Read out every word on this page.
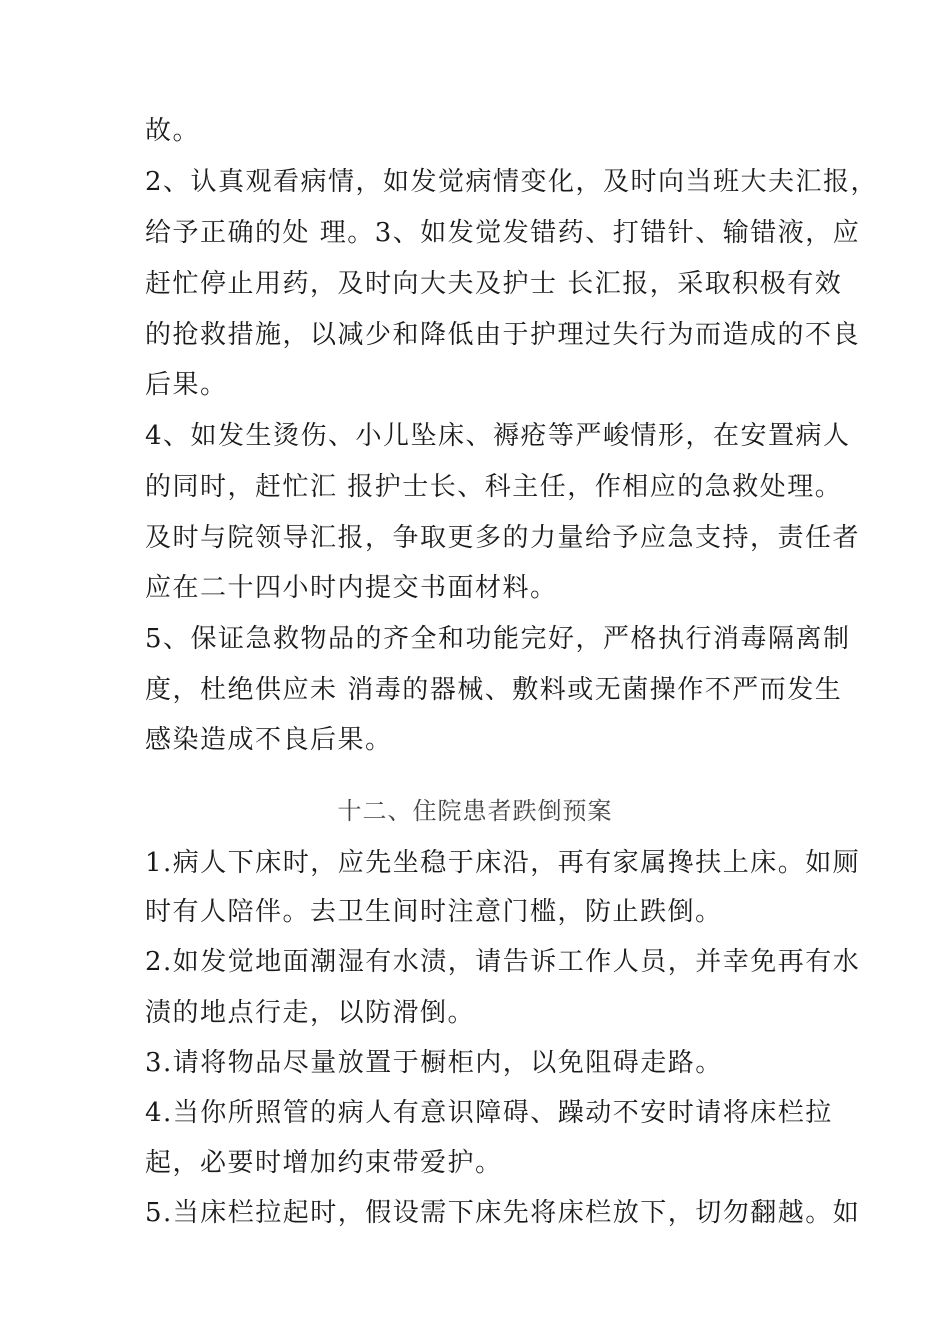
故。
2、认真观看病情，如发觉病情变化，及时向当班大夫汇报，
给予正确的处 理。3、如发觉发错药、打错针、输错液，应
赶忙停止用药，及时向大夫及护士 长汇报，采取积极有效
的抢救措施，以减少和降低由于护理过失行为而造成的不良
后果。
4、如发生烫伤、小儿坠床、褥疮等严峻情形，在安置病人
的同时，赶忙汇 报护士长、科主任，作相应的急救处理。
及时与院领导汇报，争取更多的力量给予应急支持，责任者
应在二十四小时内提交书面材料。
5、保证急救物品的齐全和功能完好，严格执行消毒隔离制
度，杜绝供应未 消毒的器械、敷料或无菌操作不严而发生
感染造成不良后果。
十二、住院患者跌倒预案
1.病人下床时，应先坐稳于床沿，再有家属搀扶上床。如厕
时有人陪伴。去卫生间时注意门槛，防止跌倒。
2.如发觉地面潮湿有水渍，请告诉工作人员，并幸免再有水
渍的地点行走，以防滑倒。
3.请将物品尽量放置于橱柜内，以免阻碍走路。
4.当你所照管的病人有意识障碍、躁动不安时请将床栏拉
起，必要时增加约束带爱护。
5.当床栏拉起时，假设需下床先将床栏放下，切勿翻越。如
